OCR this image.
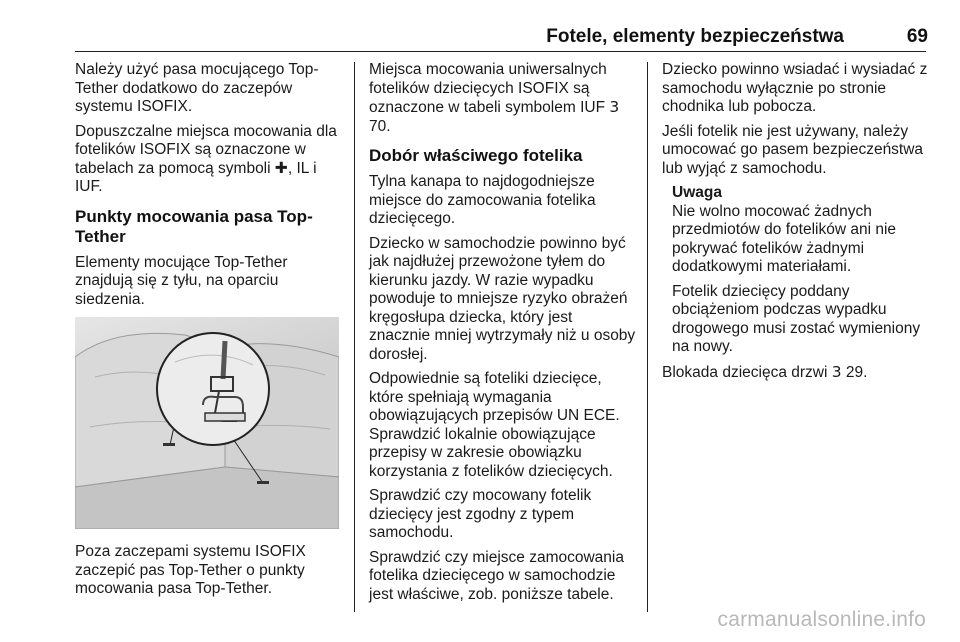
Fotele, elementy bezpieczeństwa	69

Należy użyć pasa mocującego Top-Tether dodatkowo do zaczepów systemu ISOFIX.

Dopuszczalne miejsca mocowania dla fotelików ISOFIX są oznaczone w tabelach za pomocą symboli ✚, IL i IUF.

Punkty mocowania pasa Top-Tether

Elementy mocujące Top-Tether znajdują się z tyłu, na oparciu siedzenia.

Poza zaczepami systemu ISOFIX zaczepić pas Top-Tether o punkty mocowania pasa Top-Tether.

Miejsca mocowania uniwersalnych fotelików dziecięcych ISOFIX są oznaczone w tabeli symbolem IUF 3 70.

Dobór właściwego fotelika

Tylna kanapa to najdogodniejsze miejsce do zamocowania fotelika dziecięcego.

Dziecko w samochodzie powinno być jak najdłużej przewożone tyłem do kierunku jazdy. W razie wypadku powoduje to mniejsze ryzyko obrażeń kręgosłupa dziecka, który jest znacznie mniej wytrzymały niż u osoby dorosłej.

Odpowiednie są foteliki dziecięce, które spełniają wymagania obowiązujących przepisów UN ECE. Sprawdzić lokalnie obowiązujące przepisy w zakresie obowiązku korzystania z fotelików dziecięcych.

Sprawdzić czy mocowany fotelik dziecięcy jest zgodny z typem samochodu.

Sprawdzić czy miejsce zamocowania fotelika dziecięcego w samochodzie jest właściwe, zob. poniższe tabele.

Dziecko powinno wsiadać i wysiadać z samochodu wyłącznie po stronie chodnika lub pobocza.

Jeśli fotelik nie jest używany, należy umocować go pasem bezpieczeństwa lub wyjąć z samochodu.

Uwaga

Nie wolno mocować żadnych przedmiotów do fotelików ani nie pokrywać fotelików żadnymi dodatkowymi materiałami.

Fotelik dziecięcy poddany obciążeniom podczas wypadku drogowego musi zostać wymieniony na nowy.

Blokada dziecięca drzwi 3 29.

carmanualsonline.info
